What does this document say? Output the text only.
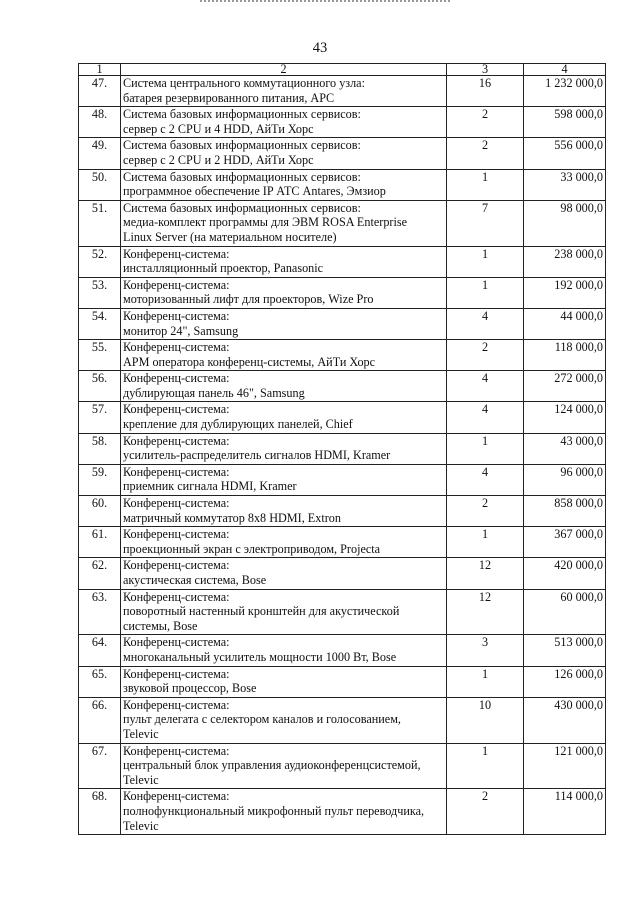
43
1	2	3	4
47.	Система центрального коммутационного узла:
батарея резервированного питания, APC	16	1 232 000,0
48.	Система базовых информационных сервисов:
сервер с 2 CPU и 4 HDD, АйТи Хорс	2	598 000,0
49.	Система базовых информационных сервисов:
сервер с 2 CPU и 2 HDD, АйТи Хорс	2	556 000,0
50.	Система базовых информационных сервисов:
программное обеспечение IP АТС Antares, Эмзиор	1	33 000,0
51.	Система базовых информационных сервисов:
медиа-комплект программы для ЭВМ ROSA Enterprise
Linux Server (на материальном носителе)	7	98 000,0
52.	Конференц-система:
инсталляционный проектор, Panasonic	1	238 000,0
53.	Конференц-система:
моторизованный лифт для проекторов, Wize Pro	1	192 000,0
54.	Конференц-система:
монитор 24", Samsung	4	44 000,0
55.	Конференц-система:
АРМ оператора конференц-системы, АйТи Хорс	2	118 000,0
56.	Конференц-система:
дублирующая панель 46", Samsung	4	272 000,0
57.	Конференц-система:
крепление для дублирующих панелей, Chief	4	124 000,0
58.	Конференц-система:
усилитель-распределитель сигналов HDMI, Kramer	1	43 000,0
59.	Конференц-система:
приемник сигнала HDMI, Kramer	4	96 000,0
60.	Конференц-система:
матричный коммутатор 8x8 HDMI, Extron	2	858 000,0
61.	Конференц-система:
проекционный экран с электроприводом, Projecta	1	367 000,0
62.	Конференц-система:
акустическая система, Bose	12	420 000,0
63.	Конференц-система:
поворотный настенный кронштейн для акустической
системы, Bose	12	60 000,0
64.	Конференц-система:
многоканальный усилитель мощности 1000 Вт, Bose	3	513 000,0
65.	Конференц-система:
звуковой процессор, Bose	1	126 000,0
66.	Конференц-система:
пульт делегата с селектором каналов и голосованием,
Televic	10	430 000,0
67.	Конференц-система:
центральный блок управления аудиоконференцсистемой,
Televic	1	121 000,0
68.	Конференц-система:
полнофункциональный микрофонный пульт переводчика,
Televic	2	114 000,0
